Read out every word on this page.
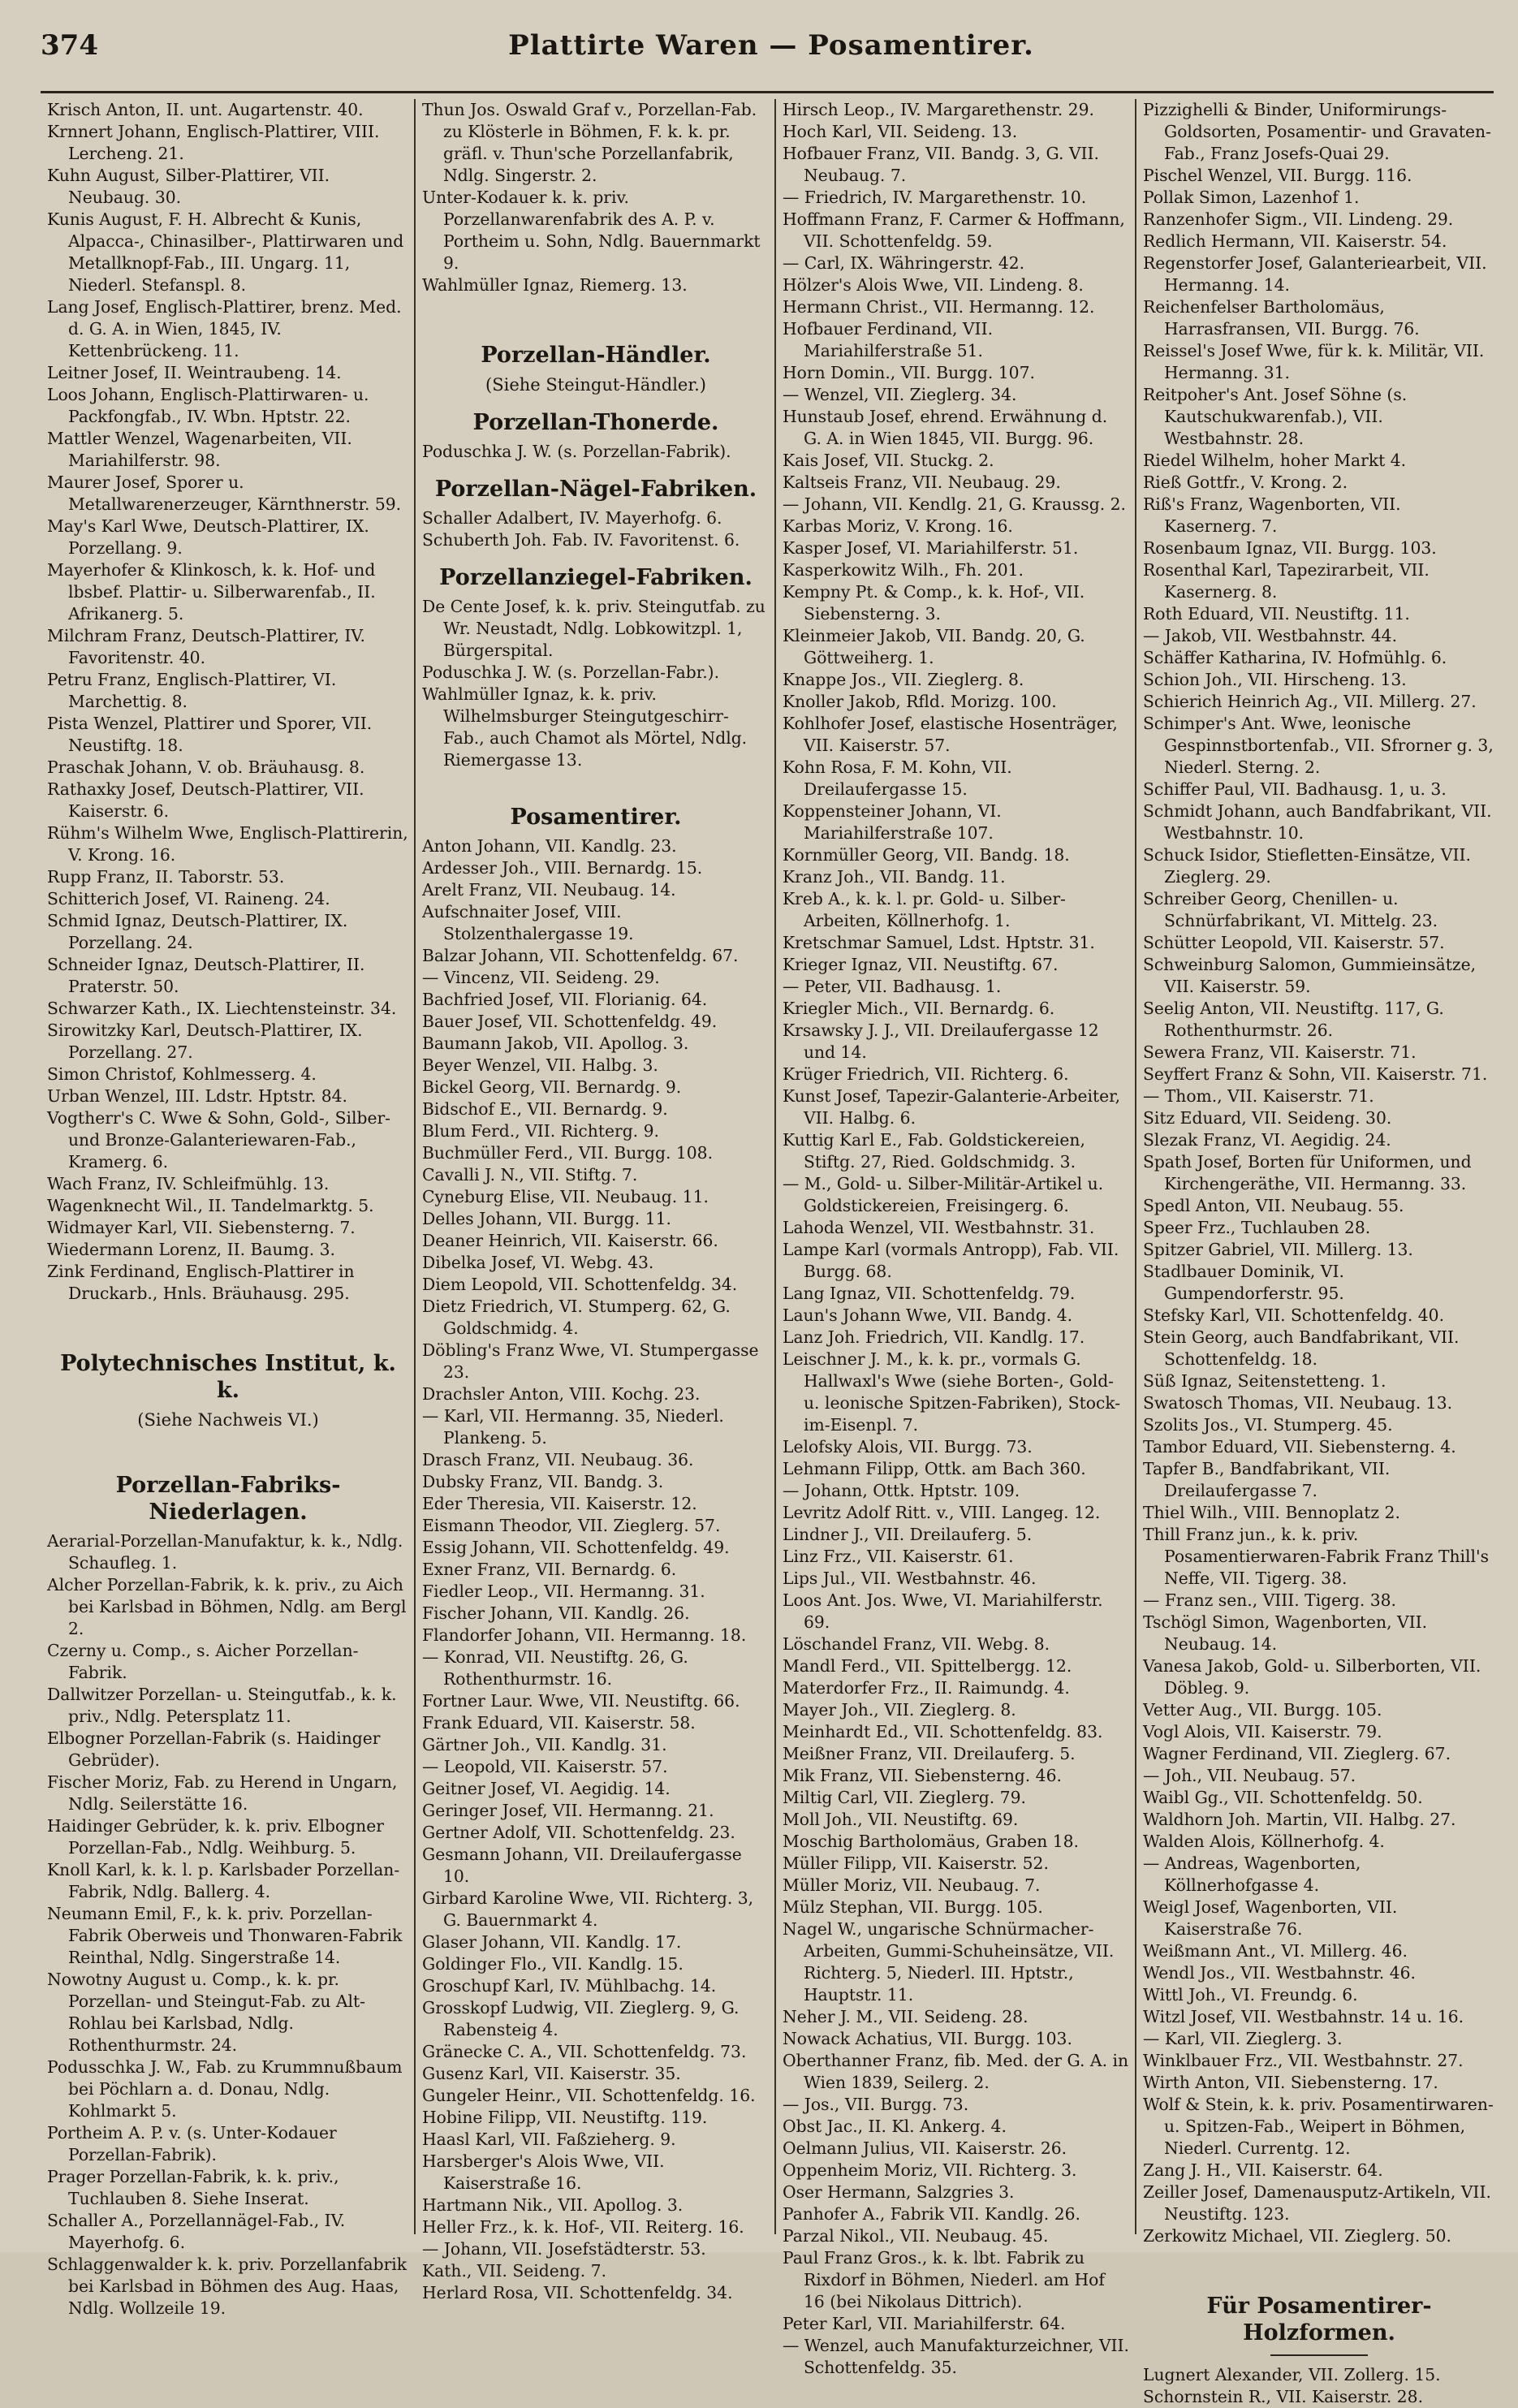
374	Plattirte Waren — Posamentirer.

Krisch Anton, II. unt. Augartenstr. 40.

Krnnert Johann, Englisch-Plattirer, VIII. Lercheng. 21.

Kuhn August, Silber-Plattirer, VII. Neubaug. 30.

Kunis August, F. H. Albrecht & Kunis, Alpacca-, Chinasilber-, Plattirwaren und Metallknopf-Fab., III. Ungarg. 11, Niederl. Stefanspl. 8.

Lang Josef, Englisch-Plattirer, brenz. Med. d. G. A. in Wien, 1845, IV. Kettenbrückeng. 11.

Leitner Josef, II. Weintraubeng. 14.

Loos Johann, Englisch-Plattirwaren- u. Packfongfab., IV. Wbn. Hptstr. 22.

Mattler Wenzel, Wagenarbeiten, VII. Mariahilferstr. 98.

Maurer Josef, Sporer u. Metallwarenerzeuger, Kärnthnerstr. 59.

May's Karl Wwe, Deutsch-Plattirer, IX. Porzellang. 9.

Mayerhofer & Klinkosch, k. k. Hof- und lbsbef. Plattir- u. Silberwarenfab., II. Afrikanerg. 5.

Milchram Franz, Deutsch-Plattirer, IV. Favoritenstr. 40.

Petru Franz, Englisch-Plattirer, VI. Marchettig. 8.

Pista Wenzel, Plattirer und Sporer, VII. Neustiftg. 18.

Praschak Johann, V. ob. Bräuhausg. 8.

Rathaxky Josef, Deutsch-Plattirer, VII. Kaiserstr. 6.

Rühm's Wilhelm Wwe, Englisch-Plattirerin, V. Krong. 16.

Rupp Franz, II. Taborstr. 53.

Schitterich Josef, VI. Raineng. 24.

Schmid Ignaz, Deutsch-Plattirer, IX. Porzellang. 24.

Schneider Ignaz, Deutsch-Plattirer, II. Praterstr. 50.

Schwarzer Kath., IX. Liechtensteinstr. 34.

Sirowitzky Karl, Deutsch-Plattirer, IX. Porzellang. 27.

Simon Christof, Kohlmesserg. 4.

Urban Wenzel, III. Ldstr. Hptstr. 84.

Vogtherr's C. Wwe & Sohn, Gold-, Silber- und Bronze-Galanteriewaren-Fab., Kramerg. 6.

Wach Franz, IV. Schleifmühlg. 13.

Wagenknecht Wil., II. Tandelmarktg. 5.

Widmayer Karl, VII. Siebensterng. 7.

Wiedermann Lorenz, II. Baumg. 3.

Zink Ferdinand, Englisch-Plattirer in Druckarb., Hnls. Bräuhausg. 295.

Polytechnisches Institut, k. k.
(Siehe Nachweis VI.)
Porzellan-Fabriks-Niederlagen.

Aerarial-Porzellan-Manufaktur, k. k., Ndlg. Schaufleg. 1.

Alcher Porzellan-Fabrik, k. k. priv., zu Aich bei Karlsbad in Böhmen, Ndlg. am Bergl 2.

Czerny u. Comp., s. Aicher Porzellan-Fabrik.

Dallwitzer Porzellan- u. Steingutfab., k. k. priv., Ndlg. Petersplatz 11.

Elbogner Porzellan-Fabrik (s. Haidinger Gebrüder).

Fischer Moriz, Fab. zu Herend in Ungarn, Ndlg. Seilerstätte 16.

Haidinger Gebrüder, k. k. priv. Elbogner Porzellan-Fab., Ndlg. Weihburg. 5.

Knoll Karl, k. k. l. p. Karlsbader Porzellan-Fabrik, Ndlg. Ballerg. 4.

Neumann Emil, F., k. k. priv. Porzellan-Fabrik Oberweis und Thonwaren-Fabrik Reinthal, Ndlg. Singerstraße 14.

Nowotny August u. Comp., k. k. pr. Porzellan- und Steingut-Fab. zu Alt-Rohlau bei Karlsbad, Ndlg. Rothenthurmstr. 24.

Podusschka J. W., Fab. zu Krummnußbaum bei Pöchlarn a. d. Donau, Ndlg. Kohlmarkt 5.

Portheim A. P. v. (s. Unter-Kodauer Porzellan-Fabrik).

Prager Porzellan-Fabrik, k. k. priv., Tuchlauben 8. Siehe Inserat.

Schaller A., Porzellannägel-Fab., IV. Mayerhofg. 6.

Schlaggenwalder k. k. priv. Porzellanfabrik bei Karlsbad in Böhmen des Aug. Haas, Ndlg. Wollzeile 19.

Thun Jos. Oswald Graf v., Porzellan-Fab. zu Klösterle in Böhmen, F. k. k. pr. gräfl. v. Thun'sche Porzellanfabrik, Ndlg. Singerstr. 2.

Unter-Kodauer k. k. priv. Porzellanwarenfabrik des A. P. v. Portheim u. Sohn, Ndlg. Bauernmarkt 9.

Wahlmüller Ignaz, Riemerg. 13.

Porzellan-Händler.
(Siehe Steingut-Händler.)
Porzellan-Thonerde.

Poduschka J. W. (s. Porzellan-Fabrik).

Porzellan-Nägel-Fabriken.

Schaller Adalbert, IV. Mayerhofg. 6.

Schuberth Joh. Fab. IV. Favoritenst. 6.

Porzellanziegel-Fabriken.

De Cente Josef, k. k. priv. Steingutfab. zu Wr. Neustadt, Ndlg. Lobkowitzpl. 1, Bürgerspital.

Poduschka J. W. (s. Porzellan-Fabr.).

Wahlmüller Ignaz, k. k. priv. Wilhelmsburger Steingutgeschirr-Fab., auch Chamot als Mörtel, Ndlg. Riemergasse 13.

Posamentirer.

Anton Johann, VII. Kandlg. 23.

Ardesser Joh., VIII. Bernardg. 15.

Arelt Franz, VII. Neubaug. 14.

Aufschnaiter Josef, VIII. Stolzenthalergasse 19.

Balzar Johann, VII. Schottenfeldg. 67.

— Vincenz, VII. Seideng. 29.

Bachfried Josef, VII. Florianig. 64.

Bauer Josef, VII. Schottenfeldg. 49.

Baumann Jakob, VII. Apollog. 3.

Beyer Wenzel, VII. Halbg. 3.

Bickel Georg, VII. Bernardg. 9.

Bidschof E., VII. Bernardg. 9.

Blum Ferd., VII. Richterg. 9.

Buchmüller Ferd., VII. Burgg. 108.

Cavalli J. N., VII. Stiftg. 7.

Cyneburg Elise, VII. Neubaug. 11.

Delles Johann, VII. Burgg. 11.

Deaner Heinrich, VII. Kaiserstr. 66.

Dibelka Josef, VI. Webg. 43.

Diem Leopold, VII. Schottenfeldg. 34.

Dietz Friedrich, VI. Stumperg. 62, G. Goldschmidg. 4.

Döbling's Franz Wwe, VI. Stumpergasse 23.

Drachsler Anton, VIII. Kochg. 23.

— Karl, VII. Hermanng. 35, Niederl. Plankeng. 5.

Drasch Franz, VII. Neubaug. 36.

Dubsky Franz, VII. Bandg. 3.

Eder Theresia, VII. Kaiserstr. 12.

Eismann Theodor, VII. Zieglerg. 57.

Essig Johann, VII. Schottenfeldg. 49.

Exner Franz, VII. Bernardg. 6.

Fiedler Leop., VII. Hermanng. 31.

Fischer Johann, VII. Kandlg. 26.

Flandorfer Johann, VII. Hermanng. 18.

— Konrad, VII. Neustiftg. 26, G. Rothenthurmstr. 16.

Fortner Laur. Wwe, VII. Neustiftg. 66.

Frank Eduard, VII. Kaiserstr. 58.

Gärtner Joh., VII. Kandlg. 31.

— Leopold, VII. Kaiserstr. 57.

Geitner Josef, VI. Aegidig. 14.

Geringer Josef, VII. Hermanng. 21.

Gertner Adolf, VII. Schottenfeldg. 23.

Gesmann Johann, VII. Dreilaufergasse 10.

Girbard Karoline Wwe, VII. Richterg. 3, G. Bauernmarkt 4.

Glaser Johann, VII. Kandlg. 17.

Goldinger Flo., VII. Kandlg. 15.

Groschupf Karl, IV. Mühlbachg. 14.

Grosskopf Ludwig, VII. Zieglerg. 9, G. Rabensteig 4.

Gränecke C. A., VII. Schottenfeldg. 73.

Gusenz Karl, VII. Kaiserstr. 35.

Gungeler Heinr., VII. Schottenfeldg. 16.

Hobine Filipp, VII. Neustiftg. 119.

Haasl Karl, VII. Faßzieherg. 9.

Harsberger's Alois Wwe, VII. Kaiserstraße 16.

Hartmann Nik., VII. Apollog. 3.

Heller Frz., k. k. Hof-, VII. Reiterg. 16.

— Johann, VII. Josefstädterstr. 53.

Kath., VII. Seideng. 7.

Herlard Rosa, VII. Schottenfeldg. 34.

Hirsch Leop., IV. Margarethenstr. 29.

Hoch Karl, VII. Seideng. 13.

Hofbauer Franz, VII. Bandg. 3, G. VII. Neubaug. 7.

— Friedrich, IV. Margarethenstr. 10.

Hoffmann Franz, F. Carmer & Hoffmann, VII. Schottenfeldg. 59.

— Carl, IX. Währingerstr. 42.

Hölzer's Alois Wwe, VII. Lindeng. 8.

Hermann Christ., VII. Hermanng. 12.

Hofbauer Ferdinand, VII. Mariahilferstraße 51.

Horn Domin., VII. Burgg. 107.

— Wenzel, VII. Zieglerg. 34.

Hunstaub Josef, ehrend. Erwähnung d. G. A. in Wien 1845, VII. Burgg. 96.

Kais Josef, VII. Stuckg. 2.

Kaltseis Franz, VII. Neubaug. 29.

— Johann, VII. Kendlg. 21, G. Kraussg. 2.

Karbas Moriz, V. Krong. 16.

Kasper Josef, VI. Mariahilferstr. 51.

Kasperkowitz Wilh., Fh. 201.

Kempny Pt. & Comp., k. k. Hof-, VII. Siebensterng. 3.

Kleinmeier Jakob, VII. Bandg. 20, G. Göttweiherg. 1.

Knappe Jos., VII. Zieglerg. 8.

Knoller Jakob, Rfld. Morizg. 100.

Kohlhofer Josef, elastische Hosenträger, VII. Kaiserstr. 57.

Kohn Rosa, F. M. Kohn, VII. Dreilaufergasse 15.

Koppensteiner Johann, VI. Mariahilferstraße 107.

Kornmüller Georg, VII. Bandg. 18.

Kranz Joh., VII. Bandg. 11.

Kreb A., k. k. l. pr. Gold- u. Silber-Arbeiten, Köllnerhofg. 1.

Kretschmar Samuel, Ldst. Hptstr. 31.

Krieger Ignaz, VII. Neustiftg. 67.

— Peter, VII. Badhausg. 1.

Kriegler Mich., VII. Bernardg. 6.

Krsawsky J. J., VII. Dreilaufergasse 12 und 14.

Krüger Friedrich, VII. Richterg. 6.

Kunst Josef, Tapezir-Galanterie-Arbeiter, VII. Halbg. 6.

Kuttig Karl E., Fab. Goldstickereien, Stiftg. 27, Ried. Goldschmidg. 3.

— M., Gold- u. Silber-Militär-Artikel u. Goldstickereien, Freisingerg. 6.

Lahoda Wenzel, VII. Westbahnstr. 31.

Lampe Karl (vormals Antropp), Fab. VII. Burgg. 68.

Lang Ignaz, VII. Schottenfeldg. 79.

Laun's Johann Wwe, VII. Bandg. 4.

Lanz Joh. Friedrich, VII. Kandlg. 17.

Leischner J. M., k. k. pr., vormals G. Hallwaxl's Wwe (siehe Borten-, Gold- u. leonische Spitzen-Fabriken), Stock-im-Eisenpl. 7.

Lelofsky Alois, VII. Burgg. 73.

Lehmann Filipp, Ottk. am Bach 360.

— Johann, Ottk. Hptstr. 109.

Levritz Adolf Ritt. v., VIII. Langeg. 12.

Lindner J., VII. Dreilauferg. 5.

Linz Frz., VII. Kaiserstr. 61.

Lips Jul., VII. Westbahnstr. 46.

Loos Ant. Jos. Wwe, VI. Mariahilferstr. 69.

Löschandel Franz, VII. Webg. 8.

Mandl Ferd., VII. Spittelbergg. 12.

Materdorfer Frz., II. Raimundg. 4.

Mayer Joh., VII. Zieglerg. 8.

Meinhardt Ed., VII. Schottenfeldg. 83.

Meißner Franz, VII. Dreilauferg. 5.

Mik Franz, VII. Siebensterng. 46.

Miltig Carl, VII. Zieglerg. 79.

Moll Joh., VII. Neustiftg. 69.

Moschig Bartholomäus, Graben 18.

Müller Filipp, VII. Kaiserstr. 52.

Müller Moriz, VII. Neubaug. 7.

Mülz Stephan, VII. Burgg. 105.

Nagel W., ungarische Schnürmacher-Arbeiten, Gummi-Schuheinsätze, VII. Richterg. 5, Niederl. III. Hptstr., Hauptstr. 11.

Neher J. M., VII. Seideng. 28.

Nowack Achatius, VII. Burgg. 103.

Oberthanner Franz, fib. Med. der G. A. in Wien 1839, Seilerg. 2.

— Jos., VII. Burgg. 73.

Obst Jac., II. Kl. Ankerg. 4.

Oelmann Julius, VII. Kaiserstr. 26.

Oppenheim Moriz, VII. Richterg. 3.

Oser Hermann, Salzgries 3.

Panhofer A., Fabrik VII. Kandlg. 26.

Parzal Nikol., VII. Neubaug. 45.

Paul Franz Gros., k. k. lbt. Fabrik zu Rixdorf in Böhmen, Niederl. am Hof 16 (bei Nikolaus Dittrich).

Peter Karl, VII. Mariahilferstr. 64.

— Wenzel, auch Manufakturzeichner, VII. Schottenfeldg. 35.

Pizzighelli & Binder, Uniformirungs-Goldsorten, Posamentir- und Gravaten-Fab., Franz Josefs-Quai 29.

Pischel Wenzel, VII. Burgg. 116.

Pollak Simon, Lazenhof 1.

Ranzenhofer Sigm., VII. Lindeng. 29.

Redlich Hermann, VII. Kaiserstr. 54.

Regenstorfer Josef, Galanteriearbeit, VII. Hermanng. 14.

Reichenfelser Bartholomäus, Harrasfransen, VII. Burgg. 76.

Reissel's Josef Wwe, für k. k. Militär, VII. Hermanng. 31.

Reitpoher's Ant. Josef Söhne (s. Kautschukwarenfab.), VII. Westbahnstr. 28.

Riedel Wilhelm, hoher Markt 4.

Rieß Gottfr., V. Krong. 2.

Riß's Franz, Wagenborten, VII. Kasernerg. 7.

Rosenbaum Ignaz, VII. Burgg. 103.

Rosenthal Karl, Tapezirarbeit, VII. Kasernerg. 8.

Roth Eduard, VII. Neustiftg. 11.

— Jakob, VII. Westbahnstr. 44.

Schäffer Katharina, IV. Hofmühlg. 6.

Schion Joh., VII. Hirscheng. 13.

Schierich Heinrich Ag., VII. Millerg. 27.

Schimper's Ant. Wwe, leonische Gespinnstbortenfab., VII. Sfrorner g. 3, Niederl. Sterng. 2.

Schiffer Paul, VII. Badhausg. 1, u. 3.

Schmidt Johann, auch Bandfabrikant, VII. Westbahnstr. 10.

Schuck Isidor, Stiefletten-Einsätze, VII. Zieglerg. 29.

Schreiber Georg, Chenillen- u. Schnürfabrikant, VI. Mittelg. 23.

Schütter Leopold, VII. Kaiserstr. 57.

Schweinburg Salomon, Gummieinsätze, VII. Kaiserstr. 59.

Seelig Anton, VII. Neustiftg. 117, G. Rothenthurmstr. 26.

Sewera Franz, VII. Kaiserstr. 71.

Seyffert Franz & Sohn, VII. Kaiserstr. 71.

— Thom., VII. Kaiserstr. 71.

Sitz Eduard, VII. Seideng. 30.

Slezak Franz, VI. Aegidig. 24.

Spath Josef, Borten für Uniformen, und Kirchengeräthe, VII. Hermanng. 33.

Spedl Anton, VII. Neubaug. 55.

Speer Frz., Tuchlauben 28.

Spitzer Gabriel, VII. Millerg. 13.

Stadlbauer Dominik, VI. Gumpendorferstr. 95.

Stefsky Karl, VII. Schottenfeldg. 40.

Stein Georg, auch Bandfabrikant, VII. Schottenfeldg. 18.

Süß Ignaz, Seitenstetteng. 1.

Swatosch Thomas, VII. Neubaug. 13.

Szolits Jos., VI. Stumperg. 45.

Tambor Eduard, VII. Siebensterng. 4.

Tapfer B., Bandfabrikant, VII. Dreilaufergasse 7.

Thiel Wilh., VIII. Bennoplatz 2.

Thill Franz jun., k. k. priv. Posamentierwaren-Fabrik Franz Thill's Neffe, VII. Tigerg. 38.

— Franz sen., VIII. Tigerg. 38.

Tschögl Simon, Wagenborten, VII. Neubaug. 14.

Vanesa Jakob, Gold- u. Silberborten, VII. Döbleg. 9.

Vetter Aug., VII. Burgg. 105.

Vogl Alois, VII. Kaiserstr. 79.

Wagner Ferdinand, VII. Zieglerg. 67.

— Joh., VII. Neubaug. 57.

Waibl Gg., VII. Schottenfeldg. 50.

Waldhorn Joh. Martin, VII. Halbg. 27.

Walden Alois, Köllnerhofg. 4.

— Andreas, Wagenborten, Köllnerhofgasse 4.

Weigl Josef, Wagenborten, VII. Kaiserstraße 76.

Weißmann Ant., VI. Millerg. 46.

Wendl Jos., VII. Westbahnstr. 46.

Wittl Joh., VI. Freundg. 6.

Witzl Josef, VII. Westbahnstr. 14 u. 16.

— Karl, VII. Zieglerg. 3.

Winklbauer Frz., VII. Westbahnstr. 27.

Wirth Anton, VII. Siebensterng. 17.

Wolf & Stein, k. k. priv. Posamentirwaren- u. Spitzen-Fab., Weipert in Böhmen, Niederl. Currentg. 12.

Zang J. H., VII. Kaiserstr. 64.

Zeiller Josef, Damenausputz-Artikeln, VII. Neustiftg. 123.

Zerkowitz Michael, VII. Zieglerg. 50.

Für Posamentirer-Holzformen.

Lugnert Alexander, VII. Zollerg. 15.

Schornstein R., VII. Kaiserstr. 28.
